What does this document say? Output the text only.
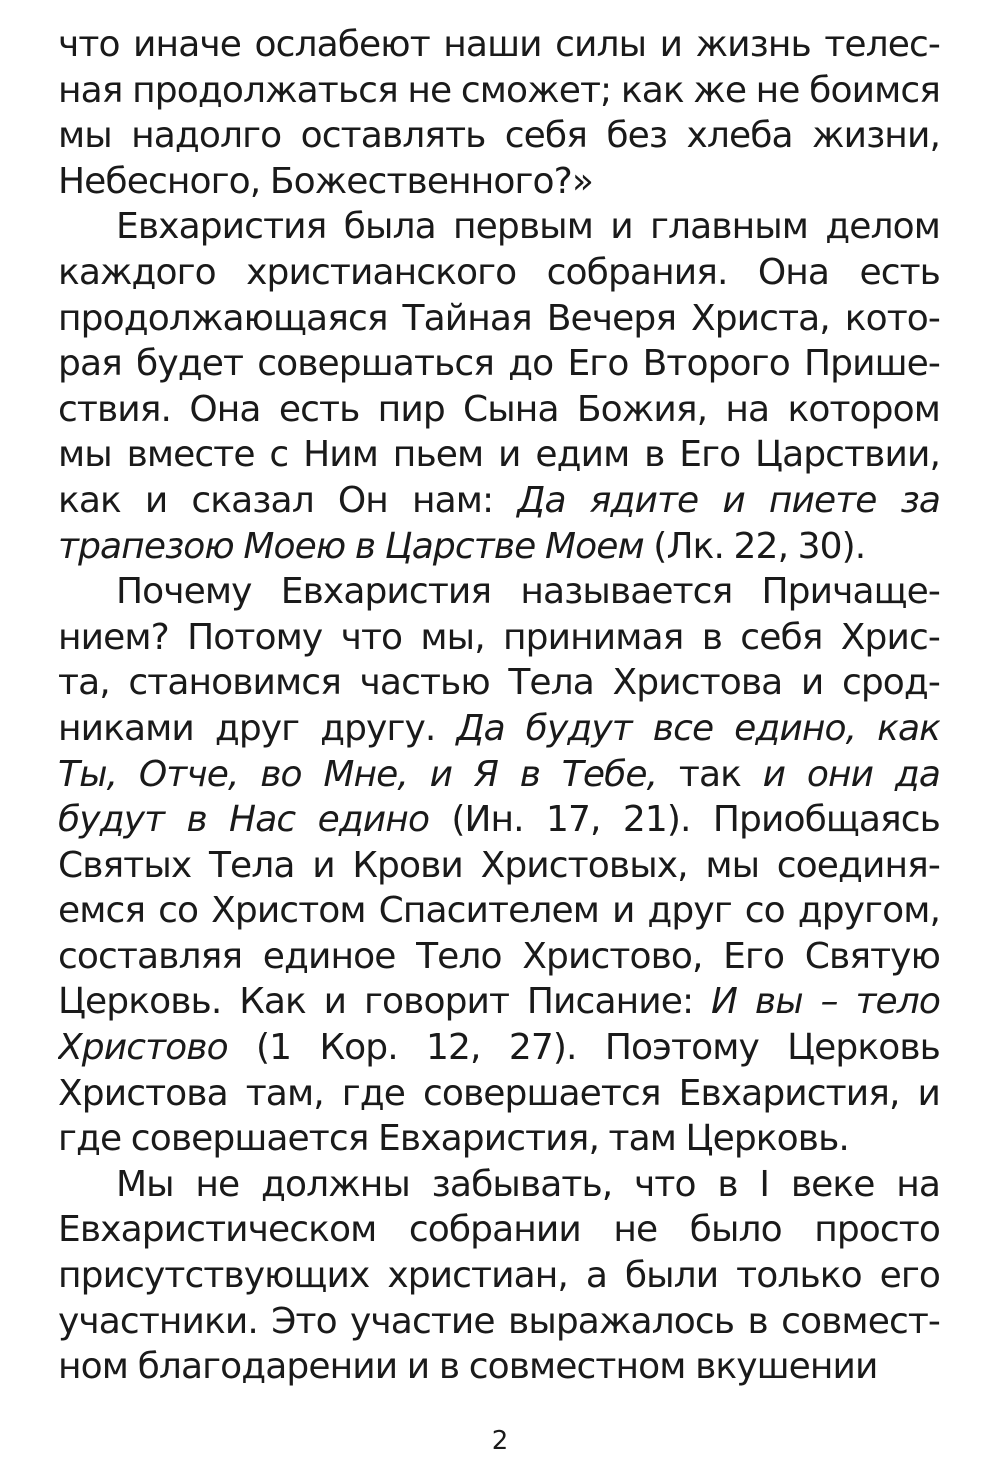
что иначе ослабеют наши силы и жизнь телес-
ная продолжаться не сможет; как же не боимся
мы надолго оставлять себя без хлеба жизни,
Небесного, Божественного?»
Евхаристия была первым и главным делом
каждого христианского собрания. Она есть
продолжающаяся Тайная Вечеря Христа, кото-
рая будет совершаться до Его Второго Прише-
ствия. Она есть пир Сына Божия, на котором
мы вместе с Ним пьем и едим в Его Царствии,
как и сказал Он нам: Да ядите и пиете за
трапезою Моею в Царстве Моем (Лк. 22, 30).
Почему Евхаристия называется Причаще-
нием? Потому что мы, принимая в себя Хрис-
та, становимся частью Тела Христова и срод-
никами друг другу. Да будут все едино, как
Ты, Отче, во Мне, и Я в Тебе, так и они да
будут в Нас едино (Ин. 17, 21). Приобщаясь
Святых Тела и Крови Христовых, мы соединя-
емся со Христом Спасителем и друг со другом,
составляя единое Тело Христово, Его Святую
Церковь. Как и говорит Писание: И вы – тело
Христово (1 Кор. 12, 27). Поэтому Церковь
Христова там, где совершается Евхаристия, и
где совершается Евхаристия, там Церковь.
Мы не должны забывать, что в I веке на
Евхаристическом собрании не было просто
присутствующих христиан, а были только его
участники. Это участие выражалось в совмест-
ном благодарении и в совместном вкушении
2
